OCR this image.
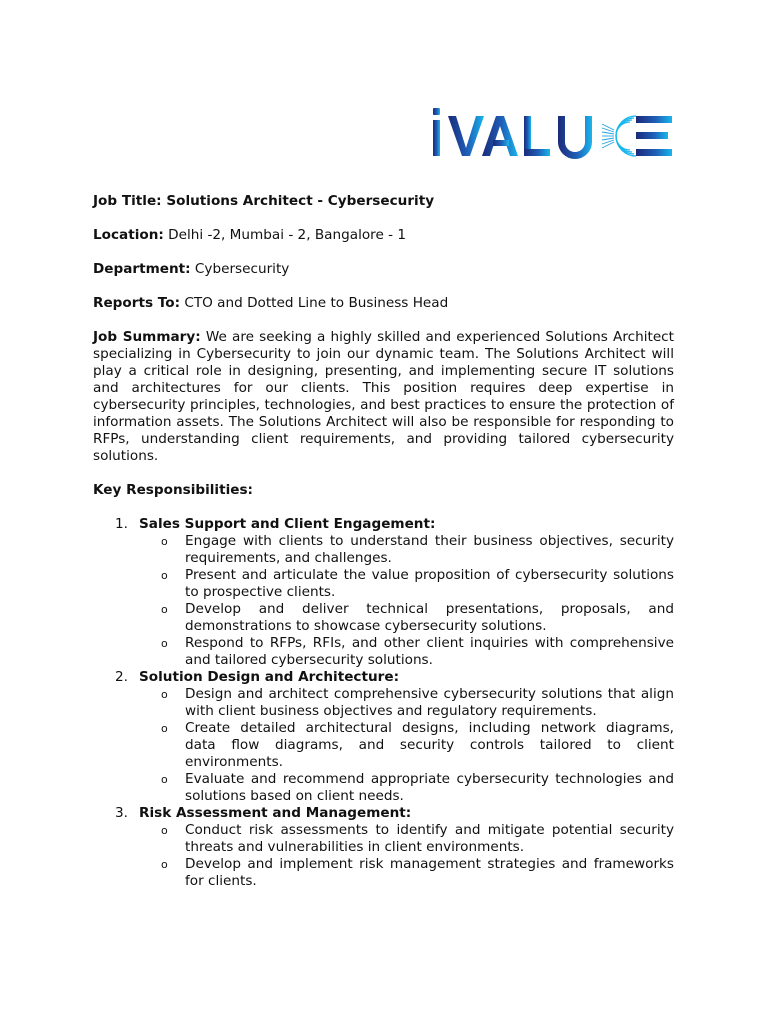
Job Title: Solutions Architect - Cybersecurity

Location: Delhi -2, Mumbai - 2, Bangalore - 1

Department: Cybersecurity

Reports To: CTO and Dotted Line to Business Head

Job Summary: We are seeking a highly skilled and experienced Solutions Architect specializing in Cybersecurity to join our dynamic team. The Solutions Architect will play a critical role in designing, presenting, and implementing secure IT solutions and architectures for our clients. This position requires deep expertise in cybersecurity principles, technologies, and best practices to ensure the protection of information assets. The Solutions Architect will also be responsible for responding to RFPs, understanding client requirements, and providing tailored cybersecurity solutions.

Key Responsibilities:

1. Sales Support and Client Engagement:
o Engage with clients to understand their business objectives, security requirements, and challenges.
o Present and articulate the value proposition of cybersecurity solutions to prospective clients.
o Develop and deliver technical presentations, proposals, and demonstrations to showcase cybersecurity solutions.
o Respond to RFPs, RFIs, and other client inquiries with comprehensive and tailored cybersecurity solutions.
2. Solution Design and Architecture:
o Design and architect comprehensive cybersecurity solutions that align with client business objectives and regulatory requirements.
o Create detailed architectural designs, including network diagrams, data flow diagrams, and security controls tailored to client environments.
o Evaluate and recommend appropriate cybersecurity technologies and solutions based on client needs.
3. Risk Assessment and Management:
o Conduct risk assessments to identify and mitigate potential security threats and vulnerabilities in client environments.
o Develop and implement risk management strategies and frameworks for clients.
